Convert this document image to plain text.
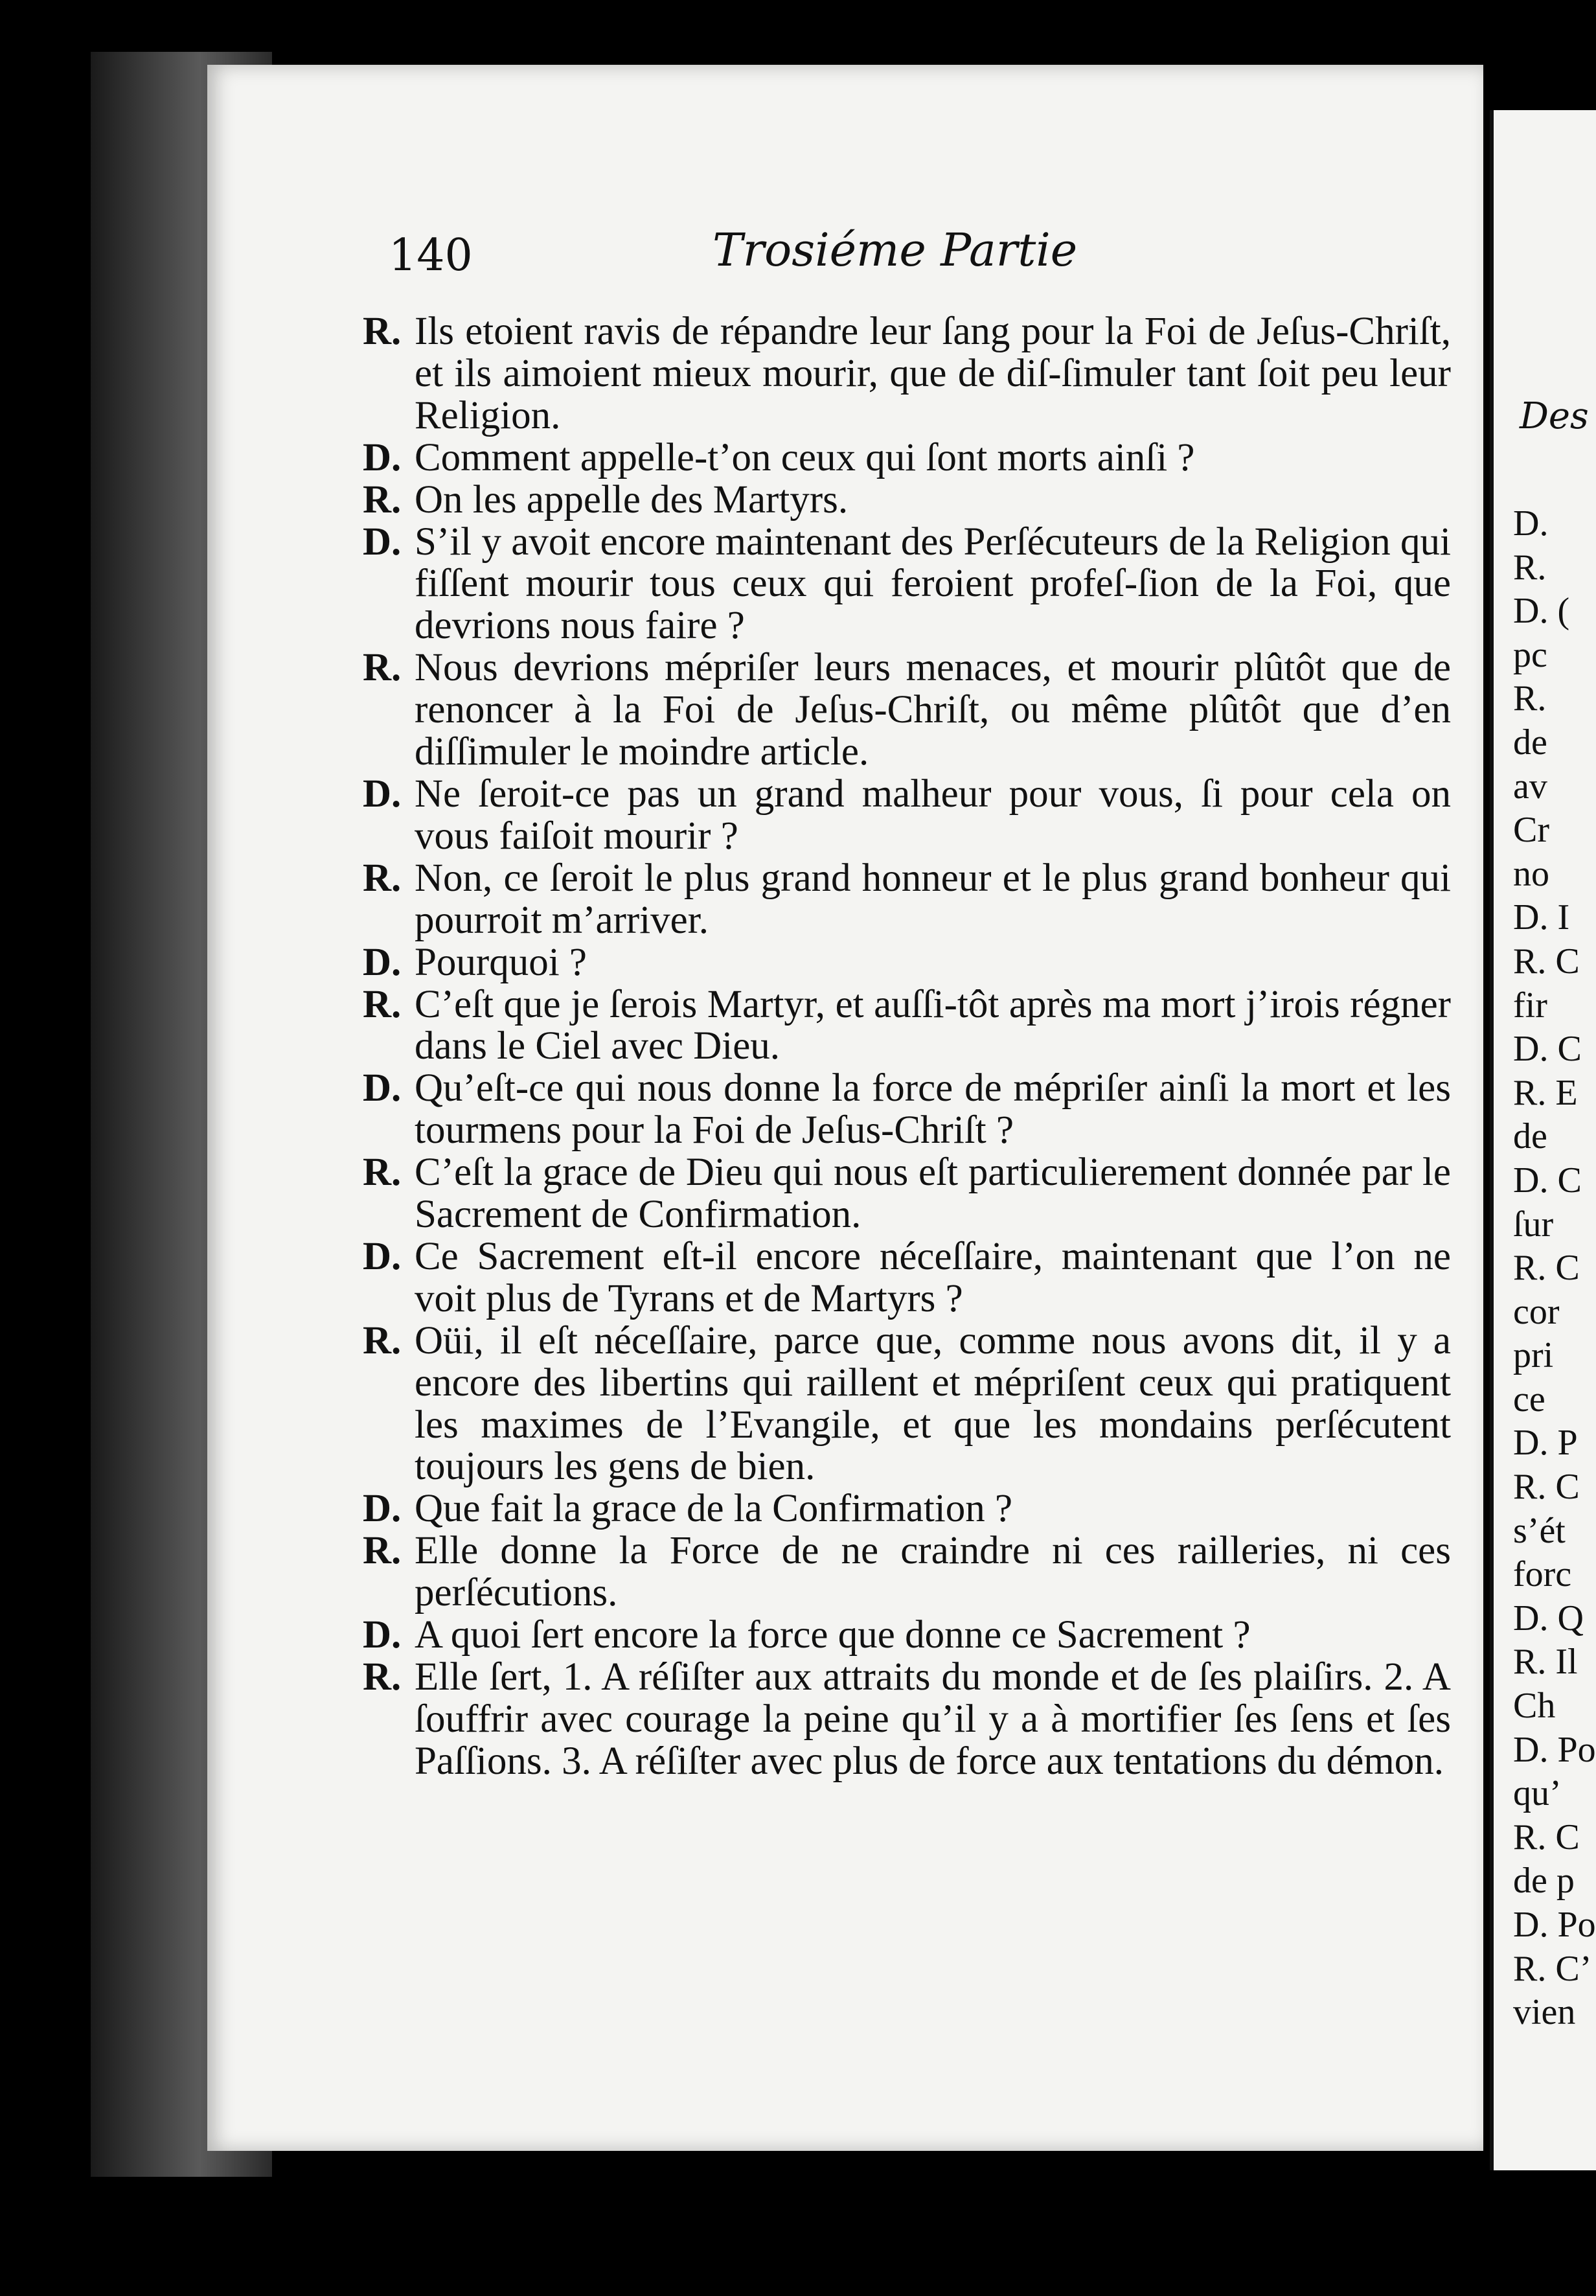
140	Trosiéme Partie
R. Ils etoient ravis de répandre leur ſang pour la Foi de Jeſus-Chriſt, et ils aimoient mieux mourir, que de diſ-ſimuler tant ſoit peu leur Religion.
D. Comment appelle-t’on ceux qui ſont morts ainſi ?
R. On les appelle des Martyrs.
D. S’il y avoit encore maintenant des Perſécuteurs de la Religion qui fiſſent mourir tous ceux qui feroient profeſ-ſion de la Foi, que devrions nous faire ?
R. Nous devrions mépriſer leurs menaces, et mourir plûtôt que de renoncer à la Foi de Jeſus-Chriſt, ou même plûtôt que d’en diſſimuler le moindre article.
D. Ne ſeroit-ce pas un grand malheur pour vous, ſi pour cela on vous faiſoit mourir ?
R. Non, ce ſeroit le plus grand honneur et le plus grand bonheur qui pourroit m’arriver.
D. Pourquoi ?
R. C’eſt que je ſerois Martyr, et auſſi-tôt après ma mort j’irois régner dans le Ciel avec Dieu.
D. Qu’eſt-ce qui nous donne la force de mépriſer ainſi la mort et les tourmens pour la Foi de Jeſus-Chriſt ?
R. C’eſt la grace de Dieu qui nous eſt particulierement donnée par le Sacrement de Confirmation.
D. Ce Sacrement eſt-il encore néceſſaire, maintenant que l’on ne voit plus de Tyrans et de Martyrs ?
R. Oüi, il eſt néceſſaire, parce que, comme nous avons dit, il y a encore des libertins qui raillent et mépriſent ceux qui pratiquent les maximes de l’Evangile, et que les mondains perſécutent toujours les gens de bien.
D. Que fait la grace de la Confirmation ?
R. Elle donne la Force de ne craindre ni ces railleries, ni ces perſécutions.
D. A quoi ſert encore la force que donne ce Sacrement ?
R. Elle ſert, 1. A réſiſter aux attraits du monde et de ſes plaiſirs. 2. A ſouffrir avec courage la peine qu’il y a à mortifier ſes ſens et ſes Paſſions. 3. A réſiſter avec plus de force aux tentations du démon.
Des
D.
R.
D. (
pc
R.
de
av
Cr
no
D. I
R. C
fir
D. C
R. E
de
D. C
ſur
R. C
cor
pri
ce
D. P
R. C
s’ét
forc
D. Q
R. Il
Ch
D. Po
qu’
R. C
de p
D. Po
R. C’
vien
